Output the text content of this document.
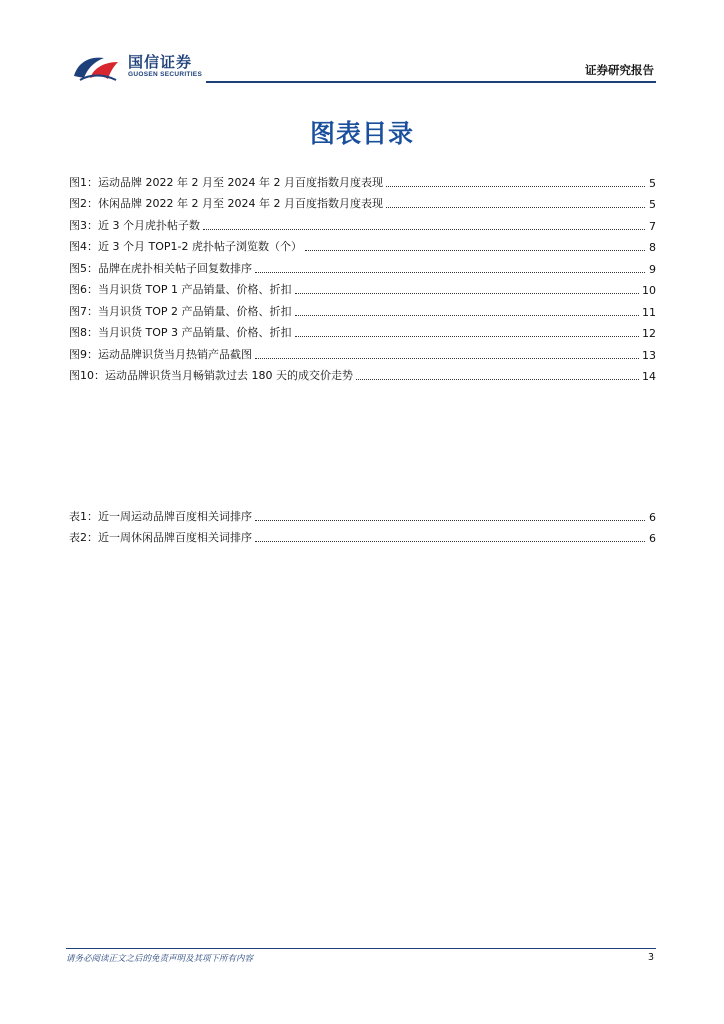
国信证券
GUOSEN SECURITIES	证券研究报告
图表目录
图1： 运动品牌 2022 年 2 月至 2024 年 2 月百度指数月度表现	5
图2： 休闲品牌 2022 年 2 月至 2024 年 2 月百度指数月度表现	5
图3： 近 3 个月虎扑帖子数	7
图4： 近 3 个月 TOP1-2 虎扑帖子浏览数（个）	8
图5： 品牌在虎扑相关帖子回复数排序	9
图6： 当月识货 TOP 1 产品销量、价格、折扣	10
图7： 当月识货 TOP 2 产品销量、价格、折扣	11
图8： 当月识货 TOP 3 产品销量、价格、折扣	12
图9： 运动品牌识货当月热销产品截图	13
图10： 运动品牌识货当月畅销款过去 180 天的成交价走势	14
表1： 近一周运动品牌百度相关词排序	6
表2： 近一周休闲品牌百度相关词排序	6
请务必阅读正文之后的免责声明及其项下所有内容	3
